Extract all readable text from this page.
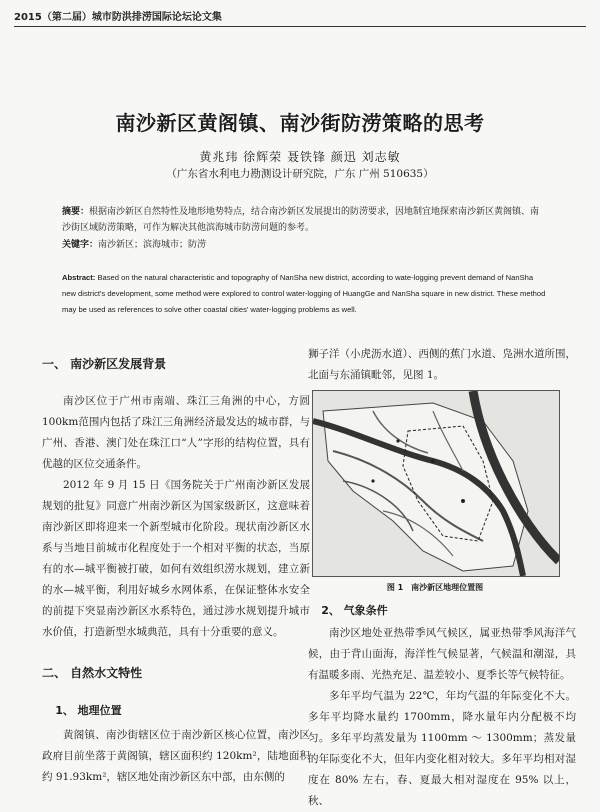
2015（第二届）城市防洪排涝国际论坛论文集
南沙新区黄阁镇、南沙街防涝策略的思考
黄兆玮 徐辉荣 聂铁锋 颜迅 刘志敏
（广东省水利电力勘测设计研究院，广东 广州 510635）
摘要：根据南沙新区自然特性及地形地势特点，结合南沙新区发展提出的防涝要求，因地制宜地探索南沙新区黄阁镇、南沙街区域防涝策略，可作为解决其他滨海城市防涝问题的参考。
关键字：南沙新区；滨海城市；防涝
Abstract: Based on the natural characteristic and topography of NanSha new district, according to wate-logging prevent demand of NanSha new district's development, some method were explored to control water-logging of HuangGe and NanSha square in new district. These method may be used as references to solve other coastal cities' water-logging problems as well.
一、 南沙新区发展背景

南沙区位于广州市南端、珠江三角洲的中心，方圆100km范围内包括了珠江三角洲经济最发达的城市群，与广州、香港、澳门处在珠江口“人”字形的结构位置，具有优越的区位交通条件。

2012 年 9 月 15 日《国务院关于广州南沙新区发展规划的批复》同意广州南沙新区为国家级新区，这意味着南沙新区即将迎来一个新型城市化阶段。现状南沙新区水系与当地目前城市化程度处于一个相对平衡的状态，当原有的水—城平衡被打破，如何有效组织涝水规划，建立新的水—城平衡，利用好城乡水网体系，在保证整体水安全的前提下突显南沙新区水系特色，通过涉水规划提升城市水价值，打造新型水城典范，具有十分重要的意义。

二、 自然水文特性
1、 地理位置

黄阁镇、南沙街辖区位于南沙新区核心位置，南沙区政府目前坐落于黄阁镇，辖区面积约 120km²，陆地面积约 91.93km²，辖区地处南沙新区东中部，由东侧的

狮子洋（小虎沥水道）、西侧的蕉门水道、凫洲水道所围，北面与东涌镇毗邻，见图 1。

图 1　南沙新区地理位置图
2、 气象条件

南沙区地处亚热带季风气候区，属亚热带季风海洋气候，由于背山面海，海洋性气候显著，气候温和潮湿，具有温暖多雨、光热充足、温差较小、夏季长等气候特征。

多年平均气温为 22℃，年均气温的年际变化不大。多年平均降水量约 1700mm，降水量年内分配极不均匀。多年平均蒸发量为 1100mm ～ 1300mm；蒸发量的年际变化不大，但年内变化相对较大。多年平均相对湿度在 80% 左右，春、夏最大相对湿度在 95% 以上，秋、
